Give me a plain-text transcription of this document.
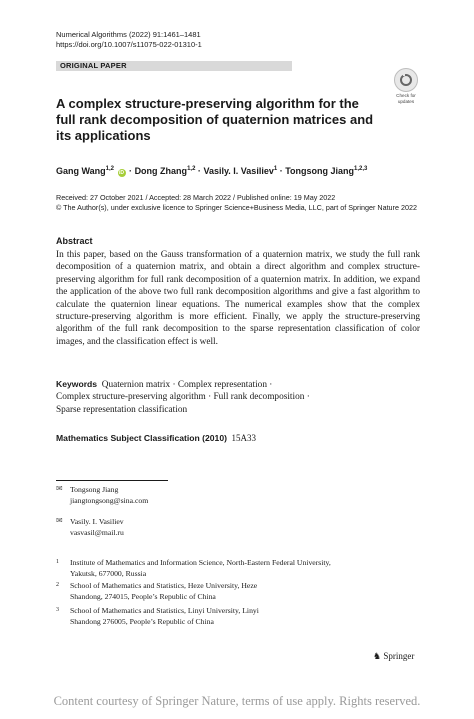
Numerical Algorithms (2022) 91:1461–1481
https://doi.org/10.1007/s11075-022-01310-1
ORIGINAL PAPER
Check for
updates
A complex structure-preserving algorithm for the full rank decomposition of quaternion matrices and its applications
Gang Wang$^{1,2}$ iD · Dong Zhang$^{1,2}$ · Vasily. I. Vasiliev$^1$ · Tongsong Jiang$^{1,2,3}$
Received: 27 October 2021 / Accepted: 28 March 2022 / Published online: 19 May 2022
© The Author(s), under exclusive licence to Springer Science+Business Media, LLC, part of Springer Nature 2022
Abstract
In this paper, based on the Gauss transformation of a quaternion matrix, we study the full rank decomposition of a quaternion matrix, and obtain a direct algorithm and complex structure-preserving algorithm for full rank decomposition of a quaternion matrix. In addition, we expand the application of the above two full rank decomposition algorithms and give a fast algorithm to calculate the quaternion linear equations. The numerical examples show that the complex structure-preserving algorithm is more efficient. Finally, we apply the structure-preserving algorithm of the full rank decomposition to the sparse representation classification of color images, and the classification effect is well.
Keywords Quaternion matrix · Complex representation ·
Complex structure-preserving algorithm · Full rank decomposition ·
Sparse representation classification
Mathematics Subject Classification (2010) 15A33
✉ Tongsong Jiang
jiangtongsong@sina.com
✉ Vasily. I. Vasiliev
vasvasil@mail.ru
1 Institute of Mathematics and Information Science, North-Eastern Federal University,
Yakutsk, 677000, Russia
2 School of Mathematics and Statistics, Heze University, Heze
Shandong, 274015, People’s Republic of China
3 School of Mathematics and Statistics, Linyi University, Linyi
Shandong 276005, People’s Republic of China
♞ Springer
Content courtesy of Springer Nature, terms of use apply. Rights reserved.
